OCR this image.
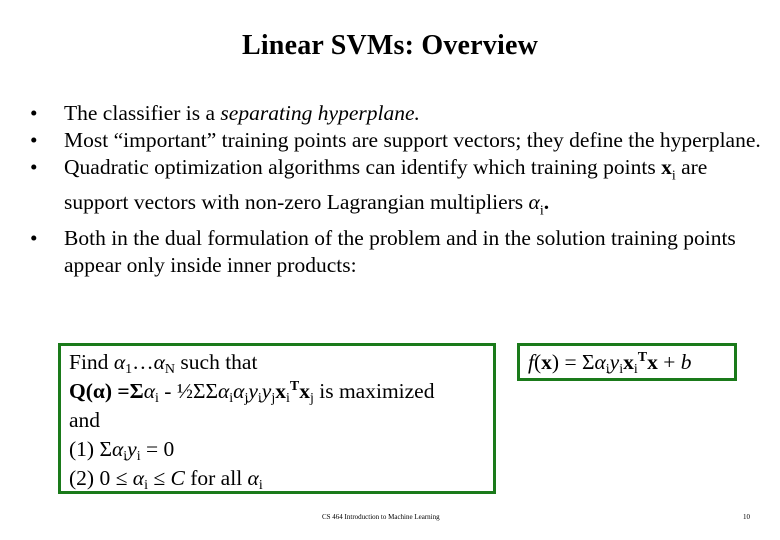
Linear SVMs: Overview
• The classifier is a separating hyperplane.
• Most “important” training points are support vectors; they define the hyperplane.
• Quadratic optimization algorithms can identify which training points $x_i$ are support vectors with non-zero Lagrangian multipliers $\alpha_i$.
• Both in the dual formulation of the problem and in the solution training points appear only inside inner products:
Find $\alpha_1\dots\alpha_N$ such that
$Q(\alpha) =\Sigma\alpha_i$ - $\frac{1}{2}\Sigma\Sigma\alpha_i\alpha_jy_iy_jx_i^Tx_j$ is maximized
and
(1) $\Sigma\alpha_iy_i = 0$
(2) $0 \le \alpha_i \le C$ for all $\alpha_i$
$f(x) = \Sigma\alpha_iy_ix_i^Tx + b$
CS 464 Introduction to Machine Learning	10
